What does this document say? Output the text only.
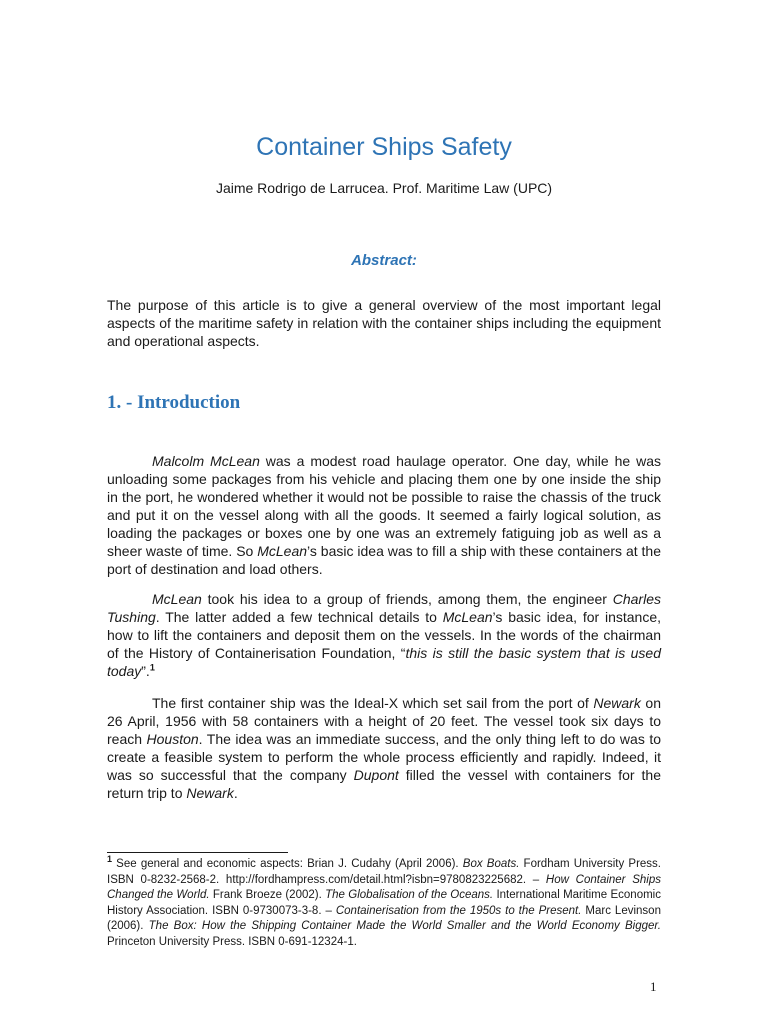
Container Ships Safety
Jaime Rodrigo de Larrucea. Prof. Maritime Law (UPC)
Abstract:

The purpose of this article is to give a general overview of the most important legal aspects of the maritime safety in relation with the container ships including the equipment and operational aspects.

1. - Introduction

Malcolm McLean was a modest road haulage operator. One day, while he was unloading some packages from his vehicle and placing them one by one inside the ship in the port, he wondered whether it would not be possible to raise the chassis of the truck and put it on the vessel along with all the goods. It seemed a fairly logical solution, as loading the packages or boxes one by one was an extremely fatiguing job as well as a sheer waste of time. So McLean’s basic idea was to fill a ship with these containers at the port of destination and load others.

McLean took his idea to a group of friends, among them, the engineer Charles Tushing. The latter added a few technical details to McLean’s basic idea, for instance, how to lift the containers and deposit them on the vessels. In the words of the chairman of the History of Containerisation Foundation, “this is still the basic system that is used today”.$^1$

The first container ship was the Ideal-X which set sail from the port of Newark on 26 April, 1956 with 58 containers with a height of 20 feet. The vessel took six days to reach Houston. The idea was an immediate success, and the only thing left to do was to create a feasible system to perform the whole process efficiently and rapidly. Indeed, it was so successful that the company Dupont filled the vessel with containers for the return trip to Newark.

$^1$ See general and economic aspects: Brian J. Cudahy (April 2006). Box Boats. Fordham University Press. ISBN 0-8232-2568-2. http://fordhampress.com/detail.html?isbn=9780823225682. – How Container Ships Changed the World. Frank Broeze (2002). The Globalisation of the Oceans. International Maritime Economic History Association. ISBN 0-9730073-3-8. – Containerisation from the 1950s to the Present. Marc Levinson (2006). The Box: How the Shipping Container Made the World Smaller and the World Economy Bigger. Princeton University Press. ISBN 0-691-12324-1.

1
